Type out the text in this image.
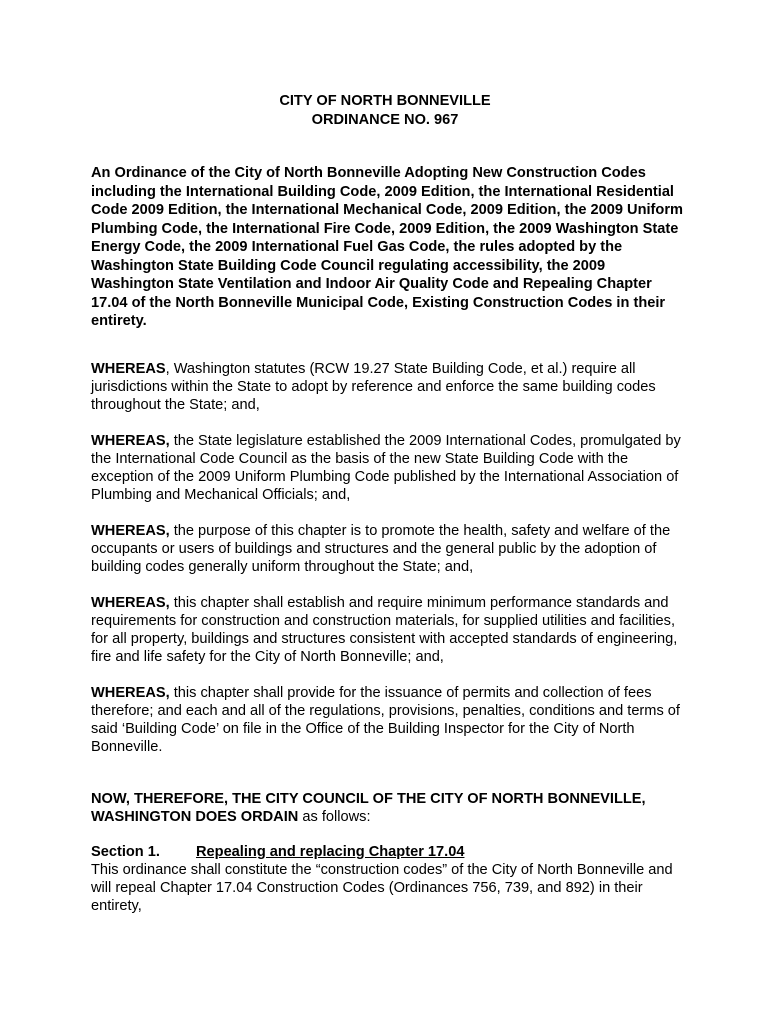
CITY OF NORTH BONNEVILLE
ORDINANCE NO. 967
An Ordinance of the City of North Bonneville Adopting New Construction Codes including the International Building Code, 2009 Edition, the International Residential Code 2009 Edition, the International Mechanical Code, 2009 Edition, the 2009 Uniform Plumbing Code, the International Fire Code, 2009 Edition, the 2009 Washington State Energy Code, the 2009 International Fuel Gas Code, the rules adopted by the Washington State Building Code Council regulating accessibility, the 2009 Washington State Ventilation and Indoor Air Quality Code and Repealing Chapter 17.04 of the North Bonneville Municipal Code, Existing Construction Codes in their entirety.
WHEREAS, Washington statutes (RCW 19.27 State Building Code, et al.) require all jurisdictions within the State to adopt by reference and enforce the same building codes throughout the State; and,
WHEREAS, the State legislature established the 2009 International Codes, promulgated by the International Code Council as the basis of the new State Building Code with the exception of the 2009 Uniform Plumbing Code published by the International Association of Plumbing and Mechanical Officials; and,
WHEREAS, the purpose of this chapter is to promote the health, safety and welfare of the occupants or users of buildings and structures and the general public by the adoption of building codes generally uniform throughout the State; and,
WHEREAS, this chapter shall establish and require minimum performance standards and requirements for construction and construction materials, for supplied utilities and facilities, for all property, buildings and structures consistent with accepted standards of engineering, fire and life safety for the City of North Bonneville; and,
WHEREAS, this chapter shall provide for the issuance of permits and collection of fees therefore; and each and all of the regulations, provisions, penalties, conditions and terms of said ‘Building Code’ on file in the Office of the Building Inspector for the City of North Bonneville.
NOW, THEREFORE, THE CITY COUNCIL OF THE CITY OF NORTH BONNEVILLE, WASHINGTON DOES ORDAIN as follows:
Section 1. Repealing and replacing Chapter 17.04

This ordinance shall constitute the “construction codes” of the City of North Bonneville and will repeal Chapter 17.04 Construction Codes (Ordinances 756, 739, and 892) in their entirety,
